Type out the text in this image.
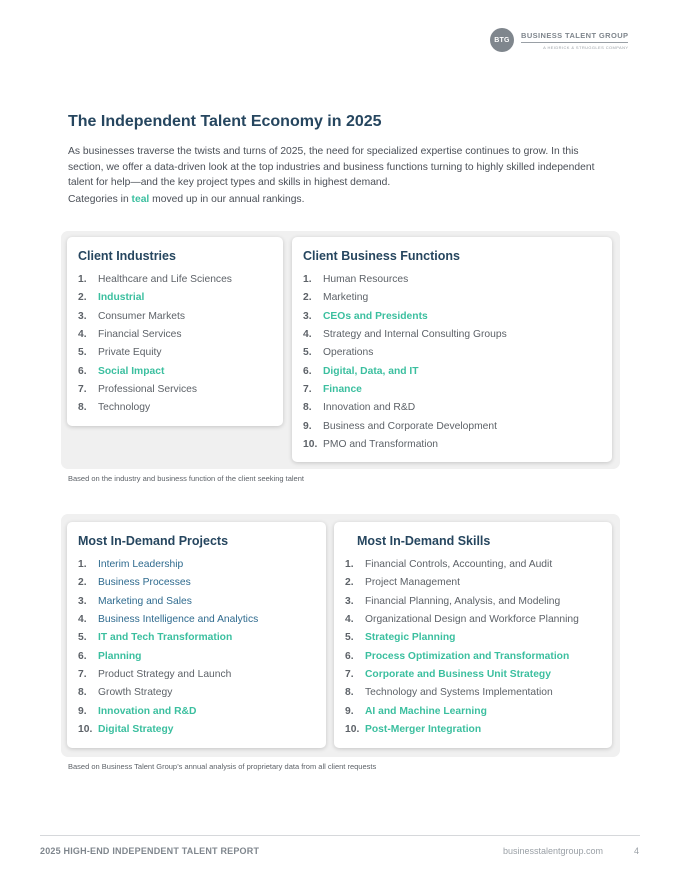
BTG
BUSINESS TALENT GROUP
A HEIDRICK & STRUGGLES COMPANY
The Independent Talent Economy in 2025

As businesses traverse the twists and turns of 2025, the need for specialized expertise continues to grow. In this section, we offer a data-driven look at the top industries and business functions turning to highly skilled independent talent for help—and the key project types and skills in highest demand.

Categories in teal moved up in our annual rankings.

Client Industries
1. Healthcare and Life Sciences
2. Industrial
3. Consumer Markets
4. Financial Services
5. Private Equity
6. Social Impact
7. Professional Services
8. Technology
Client Business Functions
1. Human Resources
2. Marketing
3. CEOs and Presidents
4. Strategy and Internal Consulting Groups
5. Operations
6. Digital, Data, and IT
7. Finance
8. Innovation and R&D
9. Business and Corporate Development
10. PMO and Transformation

Based on the industry and business function of the client seeking talent

Most In-Demand Projects
1. Interim Leadership
2. Business Processes
3. Marketing and Sales
4. Business Intelligence and Analytics
5. IT and Tech Transformation
6. Planning
7. Product Strategy and Launch
8. Growth Strategy
9. Innovation and R&D
10. Digital Strategy
Most In-Demand Skills
1. Financial Controls, Accounting, and Audit
2. Project Management
3. Financial Planning, Analysis, and Modeling
4. Organizational Design and Workforce Planning
5. Strategic Planning
6. Process Optimization and Transformation
7. Corporate and Business Unit Strategy
8. Technology and Systems Implementation
9. AI and Machine Learning
10. Post-Merger Integration

Based on Business Talent Group’s annual analysis of proprietary data from all client requests

2025 HIGH-END INDEPENDENT TALENT REPORT	businesstalentgroup.com	4
